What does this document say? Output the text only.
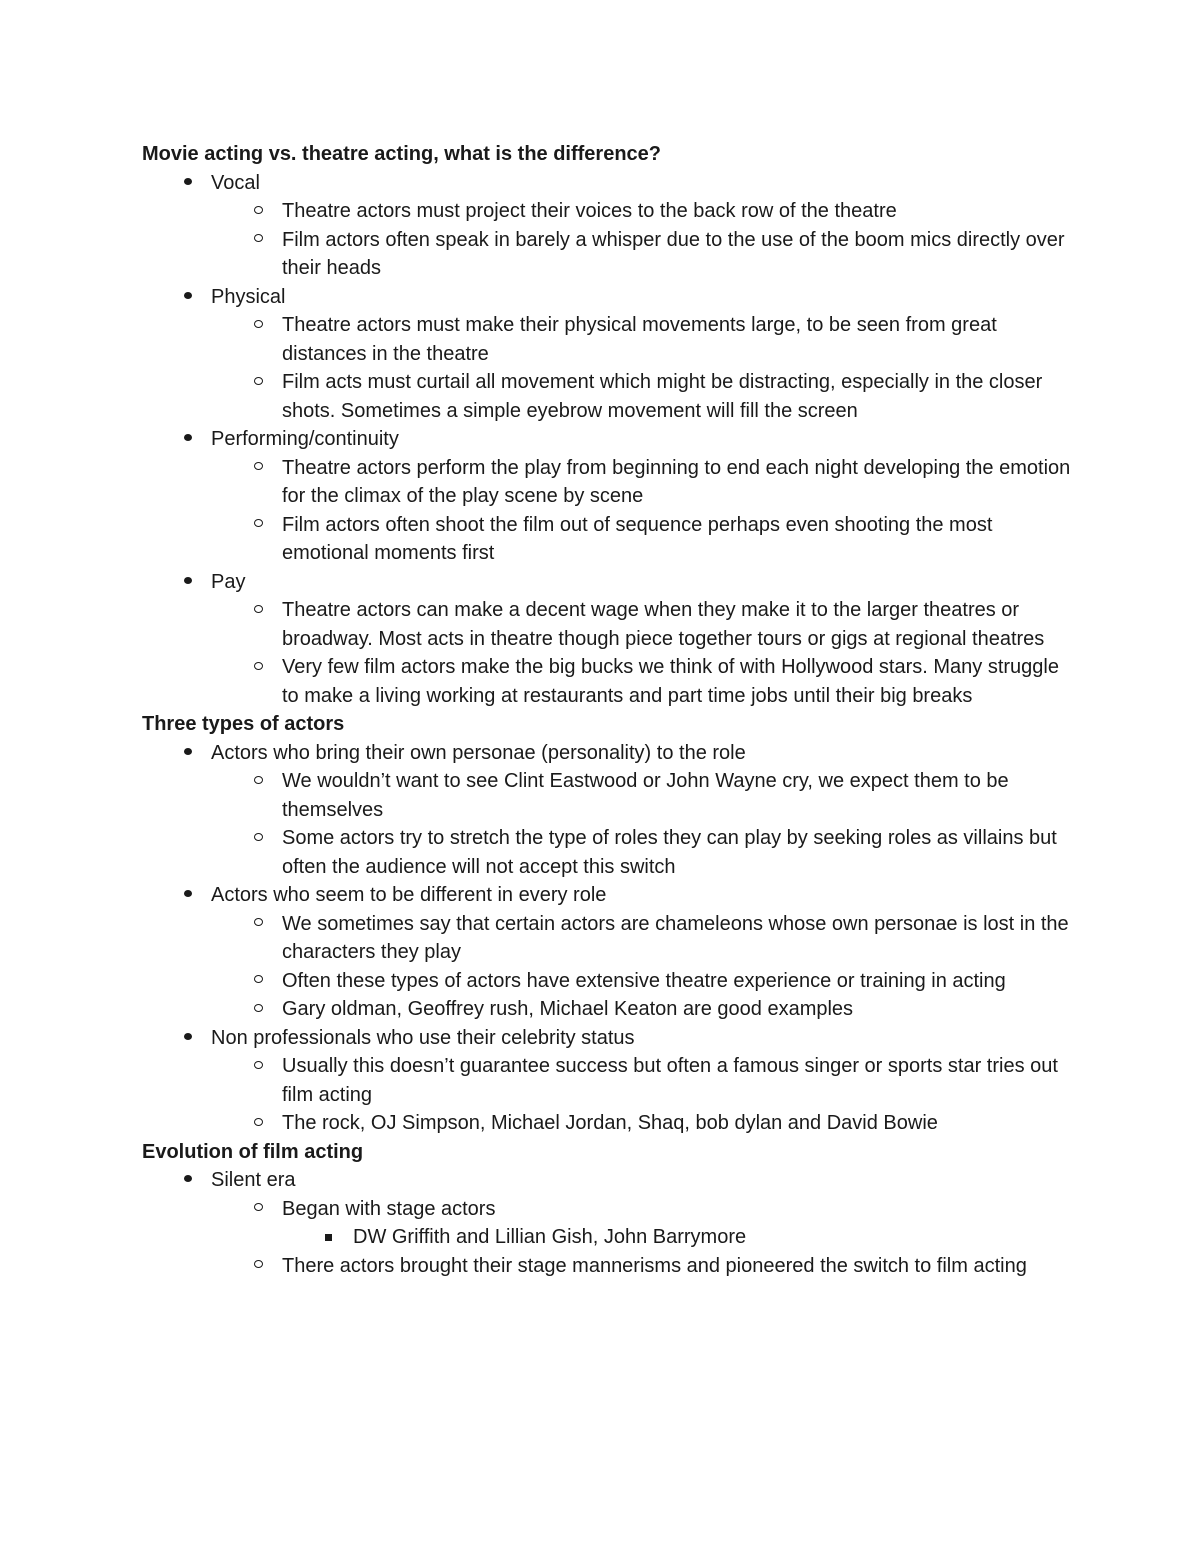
Movie acting vs. theatre acting, what is the difference?
Vocal
Theatre actors must project their voices to the back row of the theatre
Film actors often speak in barely a whisper due to the use of the boom mics directly over their heads
Physical
Theatre actors must make their physical movements large, to be seen from great distances in the theatre
Film acts must curtail all movement which might be distracting, especially in the closer shots. Sometimes a simple eyebrow movement will fill the screen
Performing/continuity
Theatre actors perform the play from beginning to end each night developing the emotion for the climax of the play scene by scene
Film actors often shoot the film out of sequence perhaps even shooting the most emotional moments first
Pay
Theatre actors can make a decent wage when they make it to the larger theatres or broadway. Most acts in theatre though piece together tours or gigs at regional theatres
Very few film actors make the big bucks we think of with Hollywood stars. Many struggle to make a living working at restaurants and part time jobs until their big breaks
Three types of actors
Actors who bring their own personae (personality) to the role
We wouldn’t want to see Clint Eastwood or John Wayne cry, we expect them to be themselves
Some actors try to stretch the type of roles they can play by seeking roles as villains but often the audience will not accept this switch
Actors who seem to be different in every role
We sometimes say that certain actors are chameleons whose own personae is lost in the characters they play
Often these types of actors have extensive theatre experience or training in acting
Gary oldman, Geoffrey rush, Michael Keaton are good examples
Non professionals who use their celebrity status
Usually this doesn’t guarantee success but often a famous singer or sports star tries out film acting
The rock, OJ Simpson, Michael Jordan, Shaq, bob dylan and David Bowie
Evolution of film acting
Silent era
Began with stage actors
DW Griffith and Lillian Gish, John Barrymore
There actors brought their stage mannerisms and pioneered the switch to film acting
